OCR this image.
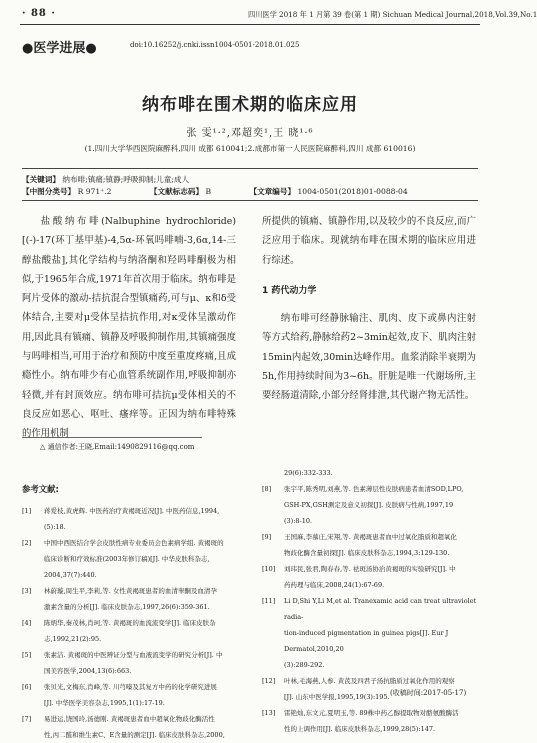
· 88 ·	四川医学 2018 年 1 月第 39 卷(第 1 期) Sichuan Medical Journal,2018,Vol.39,No.1
●医学进展●	doi:10.16252/j.cnki.issn1004-0501-2018.01.025
纳布啡在围术期的临床应用
张 雯¹·²,邓超奕¹,王 晓¹·⁶
(1.四川大学华西医院麻醉科,四川 成都 610041;2.成都市第一人民医院麻醉科,四川 成都 610016)
【关键词】 纳布啡;镇痛;镇静;呼吸抑制;儿童;成人
【中图分类号】 R 971⁺.2	【文献标志码】 B	【文章编号】 1004-0501(2018)01-0088-04

盐酸纳布啡(Nalbuphine hydrochloride)[(-)-17(环丁基甲基)-4,5α-环氧吗啡喃-3,6α,14-三醇盐酸盐],其化学结构与纳洛酮和羟吗啡酮极为相似,于1965年合成,1971年首次用于临床。纳布啡是阿片受体的激动-拮抗混合型镇痛药,可与μ、κ和δ受体结合,主要对μ受体呈拮抗作用,对κ受体呈激动作用,因此具有镇痛、镇静及呼吸抑制作用,其镇痛强度与吗啡相当,可用于治疗和预防中度至重度疼痛,且成瘾性小。纳布啡少有心血管系统副作用,呼吸抑制亦轻微,并有封顶效应。纳布啡可拮抗μ受体相关的不良反应如恶心、呕吐、瘙痒等。正因为纳布啡特殊的作用机制

所提供的镇痛、镇静作用,以及较少的不良反应,而广泛应用于临床。现就纳布啡在围术期的临床应用进行综述。

1 药代动力学

纳布啡可经静脉输注、肌肉、皮下或鼻内注射等方式给药,静脉给药2~3min起效,皮下、肌肉注射15min内起效,30min达峰作用。血浆消除半衰期为5h,作用持续时间为3~6h。肝脏是唯一代谢场所,主要经肠道清除,小部分经肾排泄,其代谢产物无活性。

△ 通信作者:王晓,Email:1490829116@qq.com
参考文献:
[1]	蒋爱枝,黄虎辉. 中医药治疗黄褐斑近况[J]. 中医药信息,1994,
(5):18.
[2]	中国中西医结合学会皮肤性病专业委员会色素病学组. 黄褐斑的
临床诊断和疗效标准(2003年修订稿)[J]. 中华皮肤科杂志,
2004,37(7):440.
[3]	林蔚璇,周生平,李莉,等. 女性黄褐斑患者的血清睾酮及血清孕
激素含量的分析[J]. 临床皮肤杂志,1997,26(6):359-361.
[4]	陈炳华,秦茂林,肖珂,等. 黄褐斑的血流流变学[J]. 临床皮肤杂
志,1992,21(2):95.
[5]	张素洁. 黄褐斑的中医辨证分型与血液流变学的研究分析[J]. 中
国美容医学,2004,13(6):663.
[6]	张贝光,文梅东,肖峰,等. 川芎嗪及其复方中药的化学研究进展
[J]. 中华医学美容杂志,1995,1(1):17-19.
[7]	易进运,饶国玲,汤德刚. 黄褐斑患者血中超氧化物歧化酶活性
性,丙二醛和维生素C、E含量的测定[J]. 临床皮肤科杂志,2000,
29(6):332-333.
[8]	张宇平,陈秀明,刘燕,等. 色素薄层性皮肤病患者血清SOD,LPO,
GSH-PX,GSH测定及意义初探[J]. 皮肤病与性病,1997,19
(3):8-10.
[9]	王国麻,李慕庄,宋翔,等. 黄褐斑患者血中过氧化脂质和超氧化
物歧化酶含量初探[J]. 临床皮肤科杂志,1994,3:129-130.
[10]	刘玮民,张君,陶春春,等. 祛斑汤协治黄褐斑的实验研究[J]. 中
药药理与临床,2008,24(1):67-69.
[11]	Li D,Shi Y,Li M,et al. Tranexamic acid can treat ultraviolet radia-
tion-induced pigmentation in guinea pigs[J]. Eur J Dermatol,2010,20
(3):289-292.
[12]	叶林,毛海燕,人参. 黄芪及四君子汤抗脂质过氧化作用的观察
[J]. 山东中医学报,1995,19(3):195.
[13]	雷艳灿,东文元,夏明玉,等. 89株中药乙醇提取物对酪氨酸酶活
性的上调作用[J]. 临床皮肤科杂志,1999,28(5):147.
(收稿时间:2017-05-17)
